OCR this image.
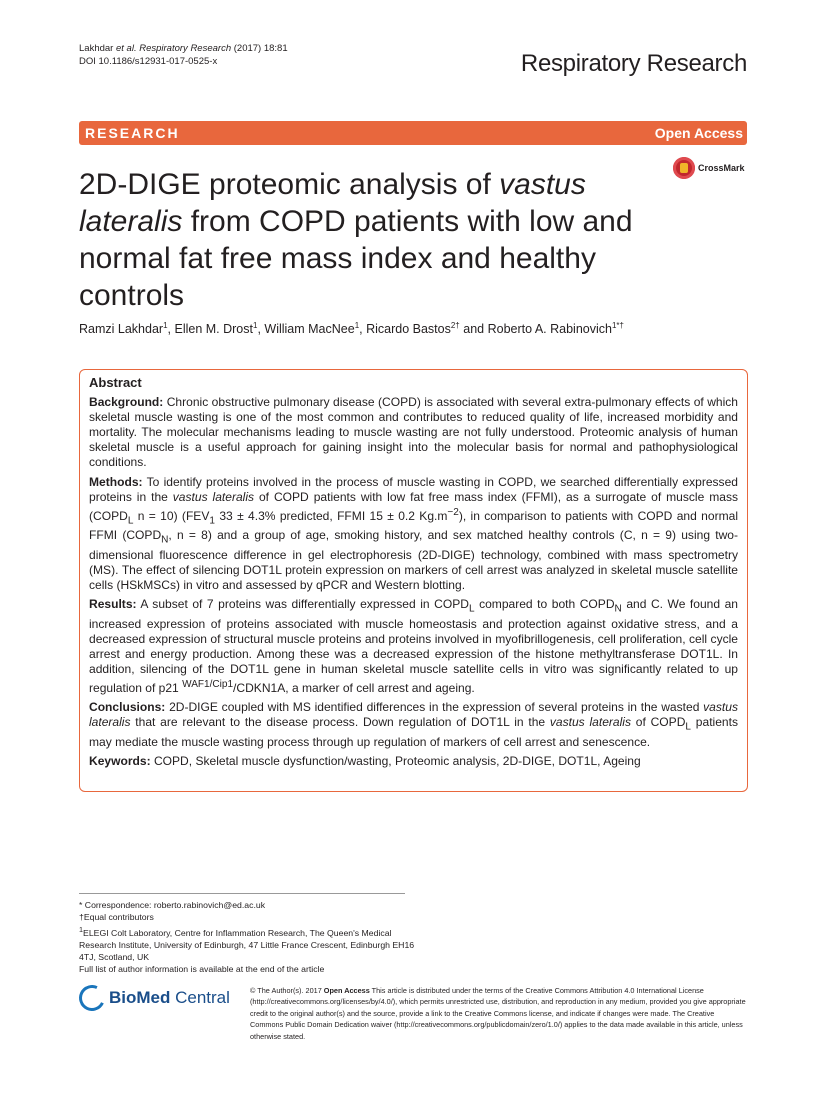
Lakhdar et al. Respiratory Research (2017) 18:81
DOI 10.1186/s12931-017-0525-x	Respiratory Research
RESEARCH	Open Access
2D-DIGE proteomic analysis of vastus lateralis from COPD patients with low and normal fat free mass index and healthy controls
CrossMark
Ramzi Lakhdar$^1$, Ellen M. Drost$^1$, William MacNee$^1$, Ricardo Bastos$^{2\dagger}$ and Roberto A. Rabinovich$^{1*\dagger}$
Abstract

Background: Chronic obstructive pulmonary disease (COPD) is associated with several extra-pulmonary effects of which skeletal muscle wasting is one of the most common and contributes to reduced quality of life, increased morbidity and mortality. The molecular mechanisms leading to muscle wasting are not fully understood. Proteomic analysis of human skeletal muscle is a useful approach for gaining insight into the molecular basis for normal and pathophysiological conditions.

Methods: To identify proteins involved in the process of muscle wasting in COPD, we searched differentially expressed proteins in the vastus lateralis of COPD patients with low fat free mass index (FFMI), as a surrogate of muscle mass ($COPD_L$ n = 10) ($FEV_1$ 33 ± 4.3% predicted, FFMI 15 ± 0.2 $Kg.m^{-2}$), in comparison to patients with COPD and normal FFMI ($COPD_N$, n = 8) and a group of age, smoking history, and sex matched healthy controls (C, n = 9) using two-dimensional fluorescence difference in gel electrophoresis (2D-DIGE) technology, combined with mass spectrometry (MS). The effect of silencing DOT1L protein expression on markers of cell arrest was analyzed in skeletal muscle satellite cells (HSkMSCs) in vitro and assessed by qPCR and Western blotting.

Results: A subset of 7 proteins was differentially expressed in $COPD_L$ compared to both $COPD_N$ and C. We found an increased expression of proteins associated with muscle homeostasis and protection against oxidative stress, and a decreased expression of structural muscle proteins and proteins involved in myofibrillogenesis, cell proliferation, cell cycle arrest and energy production. Among these was a decreased expression of the histone methyltransferase DOT1L. In addition, silencing of the DOT1L gene in human skeletal muscle satellite cells in vitro was significantly related to up regulation of p21 $^{WAF1/Cip1}$/CDKN1A, a marker of cell arrest and ageing.

Conclusions: 2D-DIGE coupled with MS identified differences in the expression of several proteins in the wasted vastus lateralis that are relevant to the disease process. Down regulation of DOT1L in the vastus lateralis of $COPD_L$ patients may mediate the muscle wasting process through up regulation of markers of cell arrest and senescence.

Keywords: COPD, Skeletal muscle dysfunction/wasting, Proteomic analysis, 2D-DIGE, DOT1L, Ageing

* Correspondence: roberto.rabinovich@ed.ac.uk
†Equal contributors
$^1$ELEGI Colt Laboratory, Centre for Inflammation Research, The Queen's Medical Research Institute, University of Edinburgh, 47 Little France Crescent, Edinburgh EH16 4TJ, Scotland, UK
Full list of author information is available at the end of the article
BioMed Central	© The Author(s). 2017 Open Access This article is distributed under the terms of the Creative Commons Attribution 4.0 International License (http://creativecommons.org/licenses/by/4.0/), which permits unrestricted use, distribution, and reproduction in any medium, provided you give appropriate credit to the original author(s) and the source, provide a link to the Creative Commons license, and indicate if changes were made. The Creative Commons Public Domain Dedication waiver (http://creativecommons.org/publicdomain/zero/1.0/) applies to the data made available in this article, unless otherwise stated.
